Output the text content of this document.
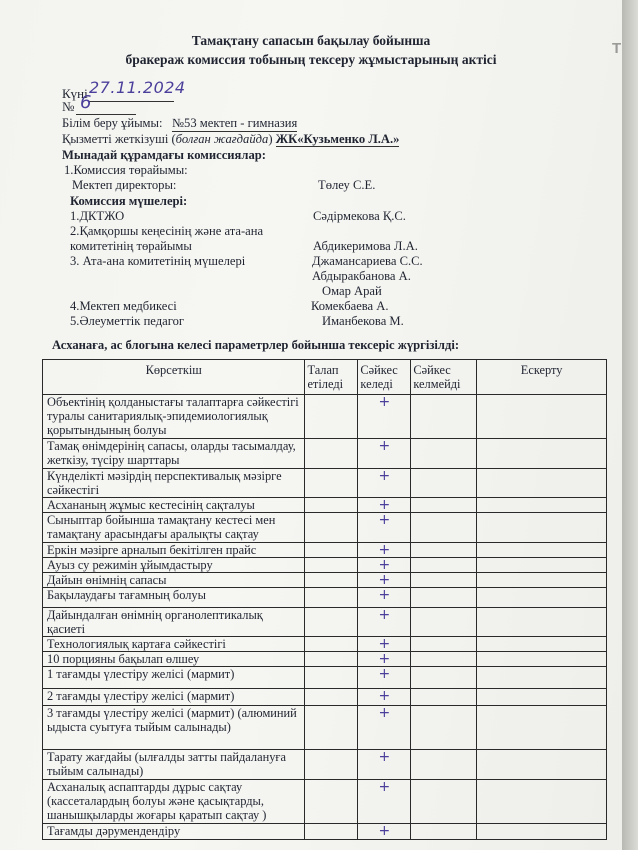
Тамақтану сапасын бақылау бойынша
бракераж комиссия тобының тексеру жұмыстарының актісі
Күні 27.11.2024
№ 6
Білім беру ұйымы: №53 мектеп - гимназия
Қызметті жеткізуші (болған жағдайда) ЖК«Кузьменко Л.А.»
Мынадай құрамдағы комиссиялар:
1.Комиссия төрайымы:
Мектеп директоры:	Төлеу С.Е.
Комиссия мүшелері:
1.ДКТЖО	Сәдірмекова Қ.С.
2.Қамқоршы кеңесінің және ата-ана
комитетінің төрайымы	Абдикеримова Л.А.
3. Ата-ана комитетінің мүшелері	Джамансариева С.С.
Абдыракбанова А.
Омар Арай
4.Мектеп медбикесі	Комекбаева А.
5.Әлеуметтік педагог	Иманбекова М.
Асханаға, ас блогына келесі параметрлер бойынша тексеріс жүргізілді:
Көрсеткіш	Талап етіледі	Сәйкес келеді	Сәйкес келмейді	Ескерту
Объектінің қолданыстағы талаптарға сәйкестігі туралы санитариялық-эпидемиологиялық қорытындының болуы		+		
Тамақ өнімдерінің сапасы, оларды тасымалдау, жеткізу, түсіру шарттары		+		
Күнделікті мәзірдің перспективалық мәзірге сәйкестігі		+		
Асхананың жұмыс кестесінің сақталуы		+		
Сыныптар бойынша тамақтану кестесі мен тамақтану арасындағы аралықты сақтау		+		
Еркін мәзірге арналып бекітілген прайс		+		
Ауыз су режимін ұйымдастыру		+		
Дайын өнімнің сапасы		+		
Бақылаудағы тағамның болуы		+		
Дайындалған өнімнің органолептикалық қасиеті		+		
Технологиялық картаға сәйкестігі		+		
10 порцияны бақылап өлшеу		+		
1 тағамды үлестіру желісі (мармит)		+		
2 тағамды үлестіру желісі (мармит)		+		
3 тағамды үлестіру желісі (мармит) (алюминий ыдыста суытуға тыйым салынады)		+		
Тарату жағдайы (ылғалды затты пайдалануға тыйым салынады)		+		
Асханалық аспаптарды дұрыс сақтау (кассеталардың болуы және қасықтарды, шанышқыларды жоғары қаратып сақтау )		+		
Тағамды дәрумендендіру		+		
Т
